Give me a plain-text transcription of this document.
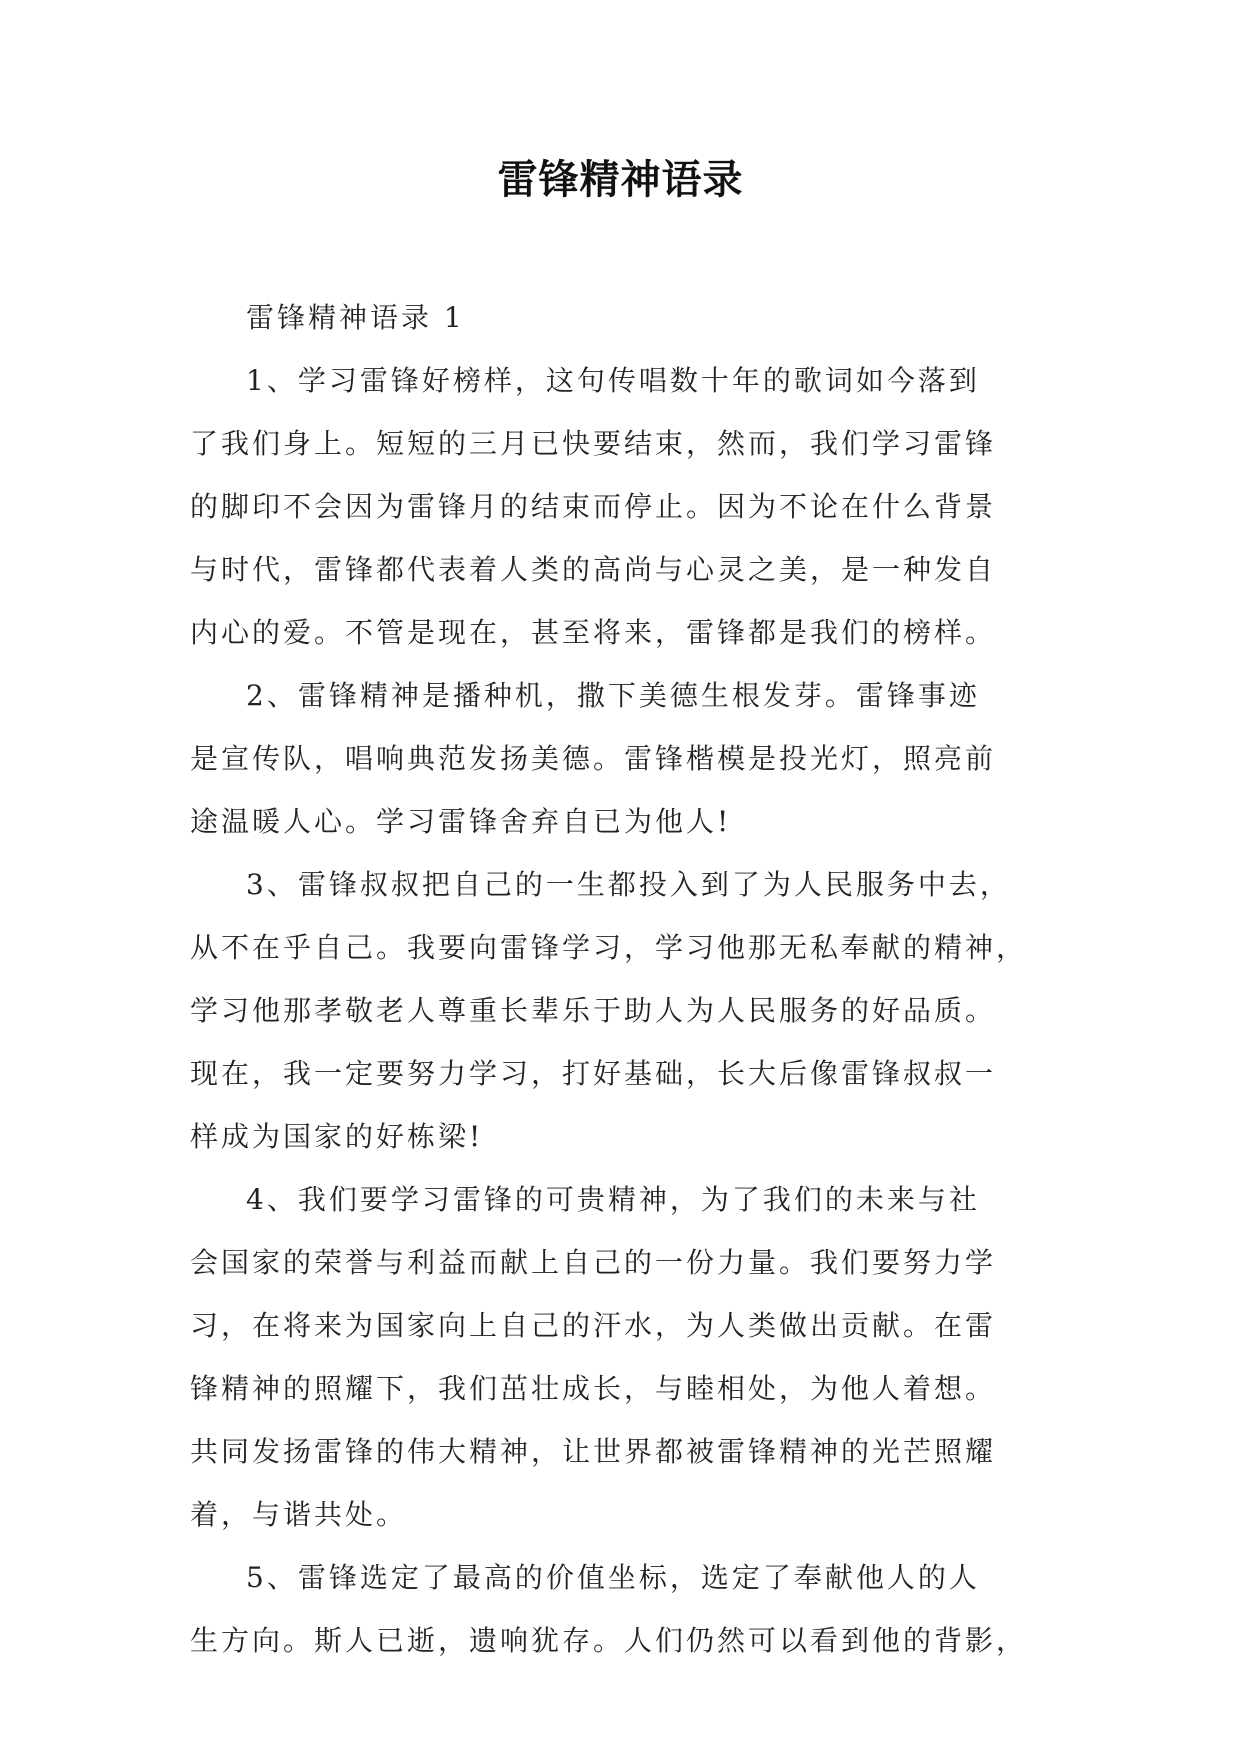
雷锋精神语录

雷锋精神语录 1

1、学习雷锋好榜样，这句传唱数十年的歌词如今落到
了我们身上。短短的三月已快要结束，然而，我们学习雷锋
的脚印不会因为雷锋月的结束而停止。因为不论在什么背景
与时代，雷锋都代表着人类的高尚与心灵之美，是一种发自
内心的爱。不管是现在，甚至将来，雷锋都是我们的榜样。

2、雷锋精神是播种机，撒下美德生根发芽。雷锋事迹
是宣传队，唱响典范发扬美德。雷锋楷模是投光灯，照亮前
途温暖人心。学习雷锋舍弃自已为他人!

3、雷锋叔叔把自己的一生都投入到了为人民服务中去，
从不在乎自己。我要向雷锋学习，学习他那无私奉献的精神，
学习他那孝敬老人尊重长辈乐于助人为人民服务的好品质。
现在，我一定要努力学习，打好基础，长大后像雷锋叔叔一
样成为国家的好栋梁!

4、我们要学习雷锋的可贵精神，为了我们的未来与社
会国家的荣誉与利益而献上自己的一份力量。我们要努力学
习，在将来为国家向上自己的汗水，为人类做出贡献。在雷
锋精神的照耀下，我们茁壮成长，与睦相处，为他人着想。
共同发扬雷锋的伟大精神，让世界都被雷锋精神的光芒照耀
着，与谐共处。

5、雷锋选定了最高的价值坐标，选定了奉献他人的人
生方向。斯人已逝，遗响犹存。人们仍然可以看到他的背影，
